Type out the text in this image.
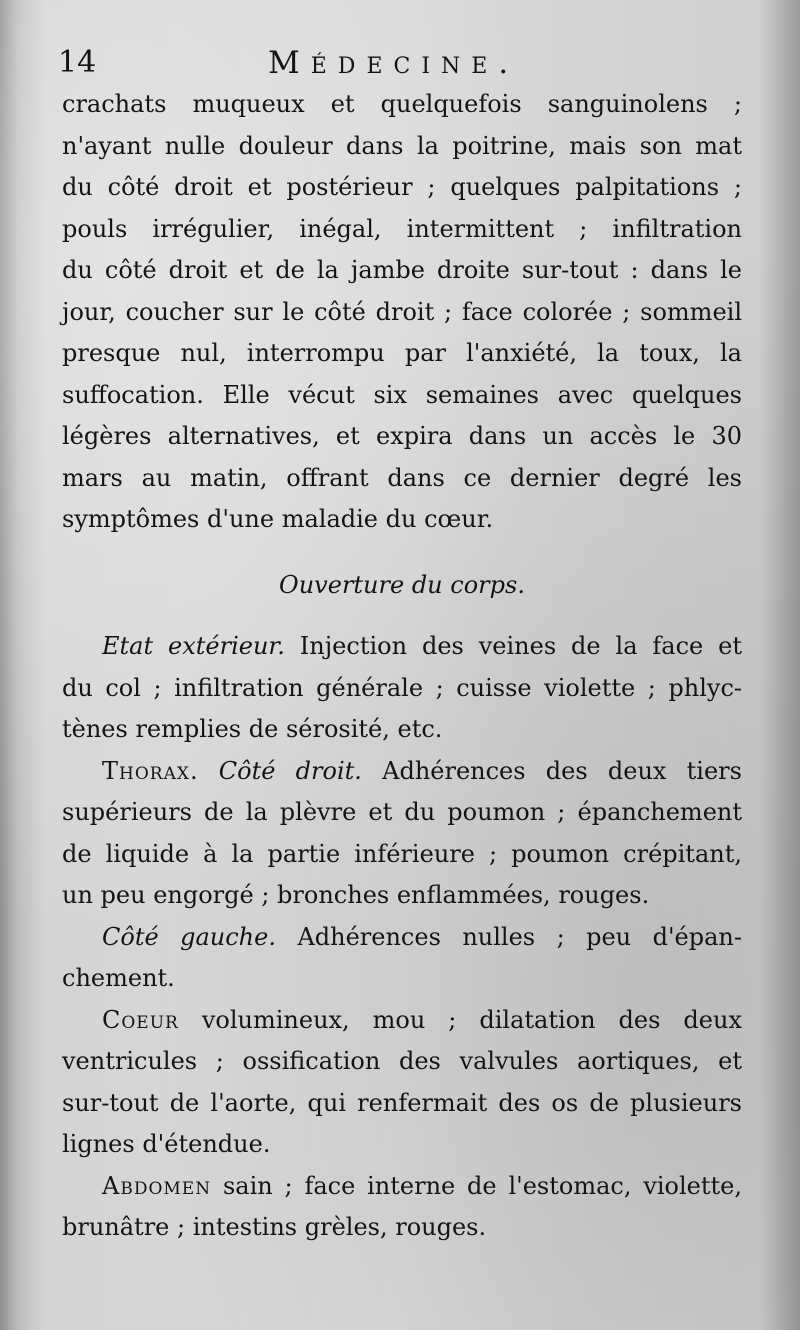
14	Médecine.
crachats muqueux et quelquefois sanguinolens ;
n'ayant nulle douleur dans la poitrine, mais son mat
du côté droit et postérieur ; quelques palpitations ;
pouls irrégulier, inégal, intermittent ; infiltration
du côté droit et de la jambe droite sur-tout : dans le
jour, coucher sur le côté droit ; face colorée ; sommeil
presque nul, interrompu par l'anxiété, la toux, la
suffocation. Elle vécut six semaines avec quelques
légères alternatives, et expira dans un accès le 30
mars au matin, offrant dans ce dernier degré les
symptômes d'une maladie du cœur.
Ouverture du corps.
Etat extérieur. Injection des veines de la face et
du col ; infiltration générale ; cuisse violette ; phlyc-
tènes remplies de sérosité, etc.
Thorax. Côté droit. Adhérences des deux tiers
supérieurs de la plèvre et du poumon ; épanchement
de liquide à la partie inférieure ; poumon crépitant,
un peu engorgé ; bronches enflammées, rouges.
Côté gauche. Adhérences nulles ; peu d'épan-
chement.
Coeur volumineux, mou ; dilatation des deux
ventricules ; ossification des valvules aortiques, et
sur-tout de l'aorte, qui renfermait des os de plusieurs
lignes d'étendue.
Abdomen sain ; face interne de l'estomac, violette,
brunâtre ; intestins grèles, rouges.
